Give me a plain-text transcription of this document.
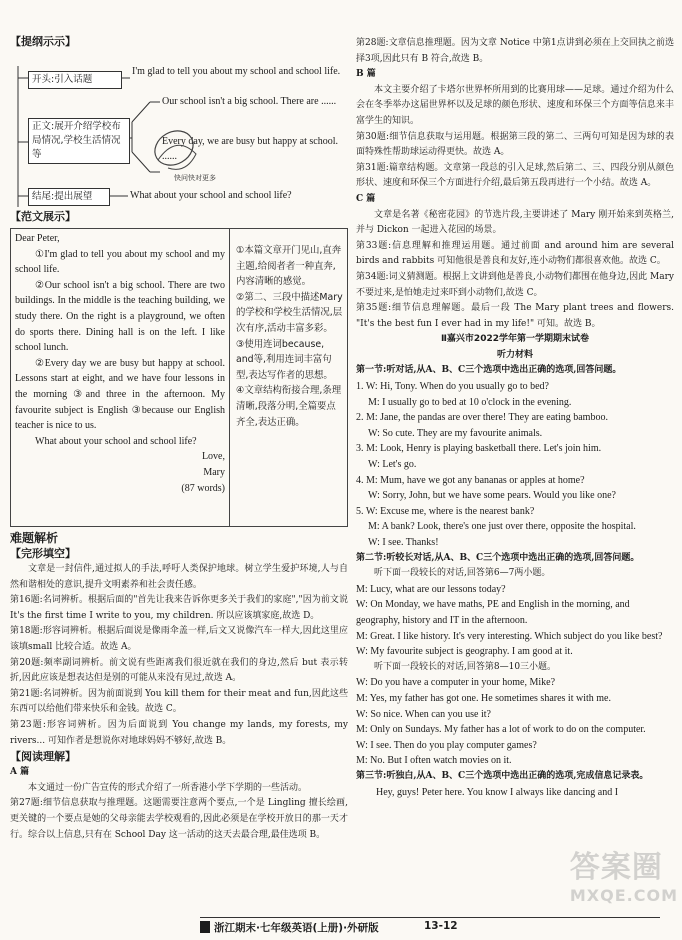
【提纲示示】
开头:引入话题
I'm glad to tell you about my school and school life.
正文:展开介绍学校布局情况,学校生活情况等
Our school isn't a big school. There are ......
Every day, we are busy but happy at school. ......
快问快对更多
结尾:提出展望	What about your school and school life?
【范文展示】
Dear Peter,
①I'm glad to tell you about my school and my school life.
②Our school isn't a big school. There are two buildings. In the middle is the teaching building, we study there. On the right is a playground, we often do sports there. Dining hall is on the left. I like school lunch.
②Every day we are busy but happy at school. Lessons start at eight, and we have four lessons in the morning ③and three in the afternoon. My favourite subject is English ③because our English teacher is nice to us.
What about your school and school life?
Love,
Mary
(87 words)
①本篇文章开门见山,直奔主题,给阅者者一种直奔,内容清晰的感觉。
②第二、三段中描述Mary的学校和学校生活情况,层次有序,活动丰富多彩。
③使用连词because, and等,利用连词丰富句型,表达写作者的思想。
④文章结构衔接合理,条理清晰,段落分明,全篇要点齐全,表达正确。
难题解析
【完形填空】

文章是一封信件,通过拟人的手法,呼吁人类保护地球。树立学生爱护环境,人与自然和谐相处的意识,提升文明素养和社会责任感。

第16题:名词辨析。根据后面的"首先让我来告诉你更多关于我们的家庭","因为前文说 It's the first time I write to you, my children. 所以应该填家庭,故选 D。

第18题:形容词辨析。根据后面说是像雨伞盖一样,后文又说像汽车一样大,因此这里应该填small 比较合适。故选 A。

第20题:频率副词辨析。前文说有些距离我们很近就在我们的身边,然后 but 表示转折,因此应该是想表达但是别的可能从来没有见过,故选 A。

第21题:名词辨析。因为前面说到 You kill them for their meat and fun,因此这些东西可以给他们带来快乐和金钱。故选 C。

第23题:形容词辨析。因为后面说到 You change my lands, my forests, my rivers... 可知作者是想说你对地球妈妈不够好,故选 B。

【阅读理解】

A 篇

本文通过一份广告宣传的形式介绍了一所香港小学下学期的一些活动。

第27题:细节信息获取与推理题。这题需要注意两个要点,一个是 Lingling 擅长绘画,更关键的一个要点是她的父母亲能去学校观看的,因此必须是在学校开放日的那一天才行。综合以上信息,只有在 School Day 这一活动的这天去最合理,最佳选项 B。

第28题:文章信息推理题。因为文章 Notice 中第1点讲到必须在上交回执之前选择3项,因此只有 B 符合,故选 B。

B 篇

本文主要介绍了卡塔尔世界杯所用到的比赛用球——足球。通过介绍为什么会在冬季举办这届世界杯以及足球的颜色形状、速度和环保三个方面等信息来丰富学生的知识。

第30题:细节信息获取与运用题。根据第三段的第二、三两句可知是因为球的表面特殊性帮助球运动得更快。故选 A。

第31题:篇章结构题。文章第一段总的引入足球,然后第二、三、四段分别从颜色形状、速度和环保三个方面进行介绍,最后第五段再进行一个小结。故选 A。

C 篇

文章是名著《秘密花园》的节选片段,主要讲述了 Mary 刚开始来到英格兰,并与 Dickon 一起进入花园的场景。

第33题:信息理解和推理运用题。通过前面 and around him are several birds and rabbits 可知他很是善良和友好,连小动物们都很喜欢他。故选 C。

第34题:词义猜测题。根据上文讲到他是善良,小动物们都围在他身边,因此 Mary 不要过来,是怕她走过来吓到小动物们,故选 C。

第35题:细节信息理解题。最后一段 The Mary plant trees and flowers. "It's the best fun I ever had in my life!" 可知。故选 B。

Ⅱ嘉兴市2022学年第一学期期末试卷

听力材料

第一节:听对话,从A、B、C三个选项中选出正确的选项,回答问题。

1. W: Hi, Tony. When do you usually go to bed?
M: I usually go to bed at 10 o'clock in the evening.
2. M: Jane, the pandas are over there! They are eating bamboo.
W: So cute. They are my favourite animals.
3. M: Look, Henry is playing basketball there. Let's join him.
W: Let's go.
4. M: Mum, have we got any bananas or apples at home?
W: Sorry, John, but we have some pears. Would you like one?
5. W: Excuse me, where is the nearest bank?
M: A bank? Look, there's one just over there, opposite the hospital.
W: I see. Thanks!

第二节:听较长对话,从A、B、C三个选项中选出正确的选项,回答问题。

听下面一段较长的对话,回答第6—7两小题。

M: Lucy, what are our lessons today?
W: On Monday, we have maths, PE and English in the morning, and geography, history and IT in the afternoon.
M: Great. I like history. It's very interesting. Which subject do you like best?
W: My favourite subject is geography. I am good at it.

听下面一段较长的对话,回答第8—10三小题。

W: Do you have a computer in your home, Mike?
M: Yes, my father has got one. He sometimes shares it with me.
W: So nice. When can you use it?
M: Only on Sundays. My father has a lot of work to do on the computer.
W: I see. Then do you play computer games?
M: No. But I often watch movies on it.

第三节:听独白,从A、B、C三个选项中选出正确的选项,完成信息记录表。

Hey, guys! Peter here. You know I always like dancing and I
答案圈
MXQE.COM
浙江期末·七年级英语(上册)·外研版	13-12
